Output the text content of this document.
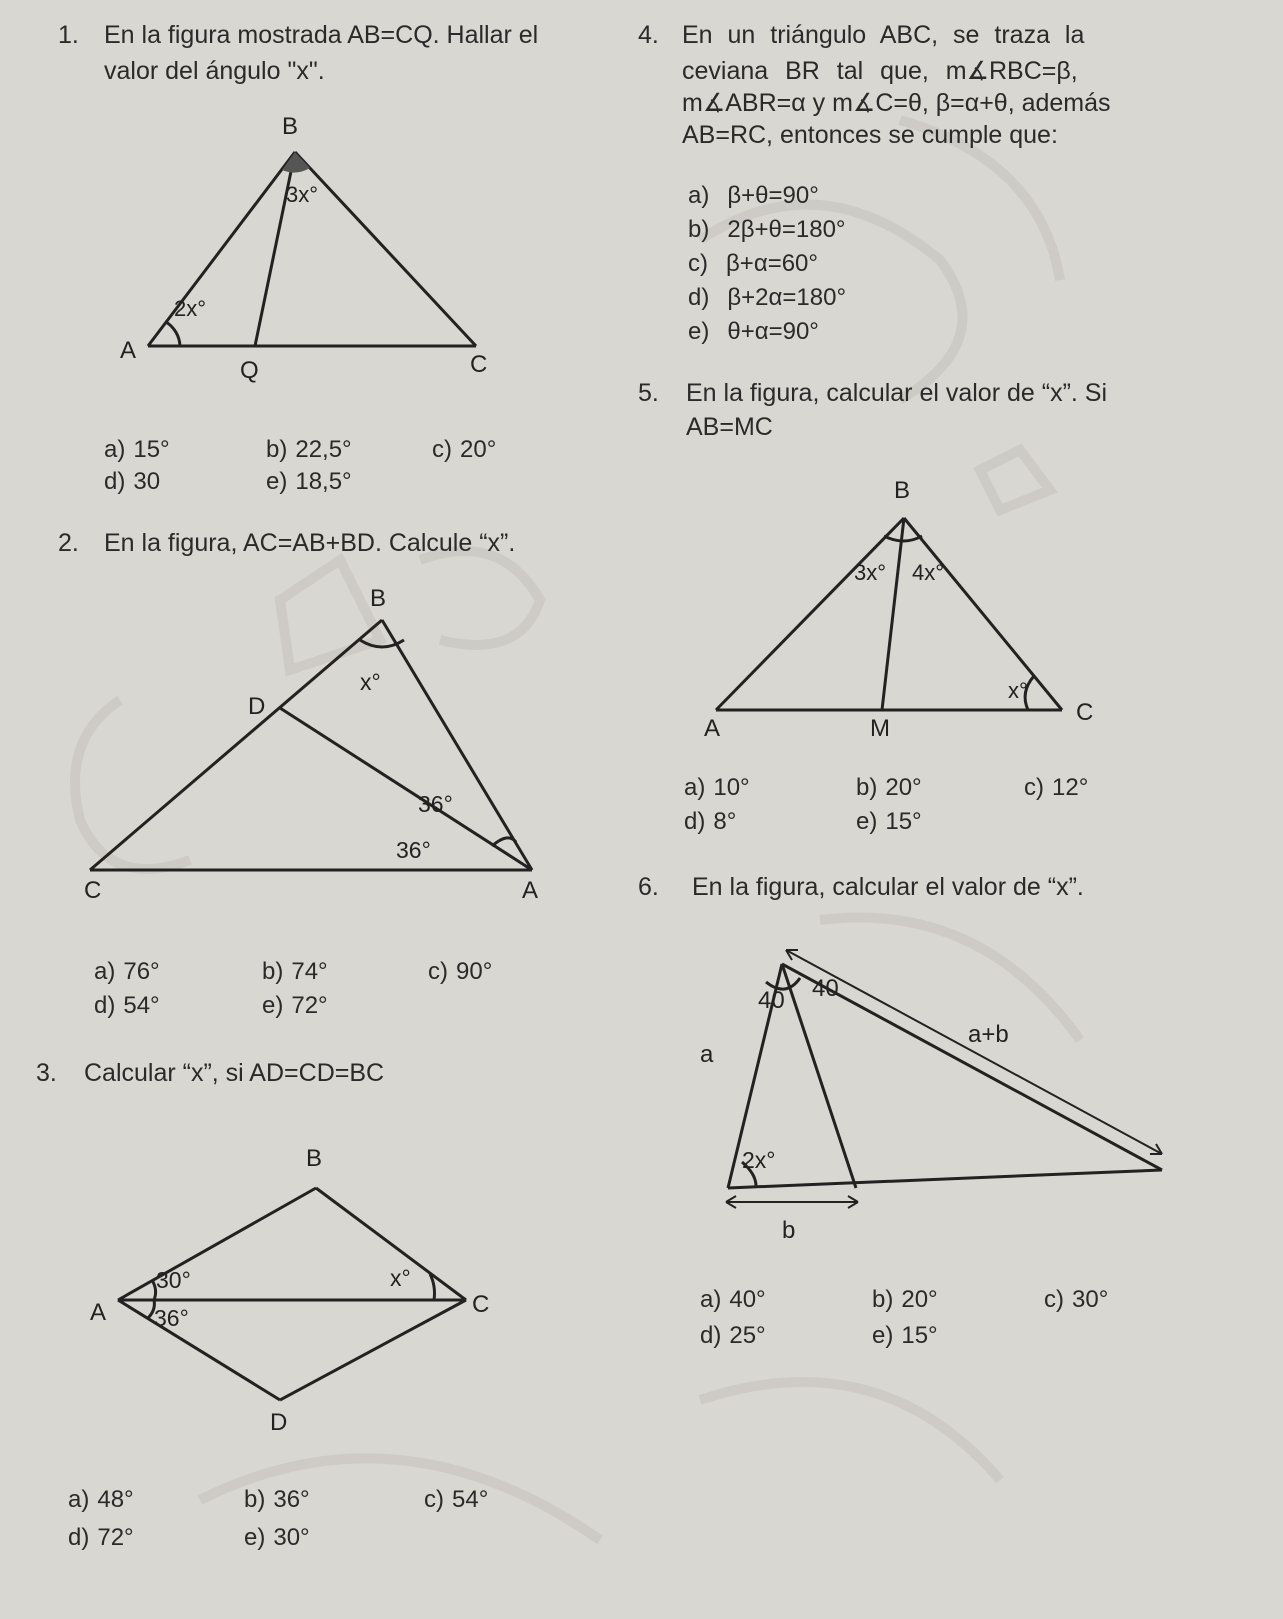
1. En la figura mostrada AB=CQ. Hallar el
valor del ángulo "x".
B
A
Q	C
3x°
2x°
a) 15°	b) 22,5°	c) 20°
d) 30	e) 18,5°
2. En la figura, AC=AB+BD. Calcule “x”.
B
D
C	A
x°
36°
36°
a) 76°	b) 74°	c) 90°
d) 54°	e) 72°
3. Calcular “x”, si AD=CD=BC
B
A	C
D
30°
36°
x°
a) 48°	b) 36°	c) 54°
d) 72°	e) 30°
4. En un triángulo ABC, se traza la
ceviana BR tal que, m∡RBC=β,
m∡ABR=α y m∡C=θ, β=α+θ, además
AB=RC, entonces se cumple que:
a) β+θ=90°
b) 2β+θ=180°
c) β+α=60°
d) β+2α=180°
e) θ+α=90°
5. En la figura, calcular el valor de “x”. Si
AB=MC
B
A	M
C
3x° 4x°
x°
a) 10°	b) 20°	c) 12°
d) 8°	e) 15°
6. En la figura, calcular el valor de “x”.
40
40
a+b
a
2x°
b
a) 40°	b) 20°	c) 30°
d) 25°	e) 15°
